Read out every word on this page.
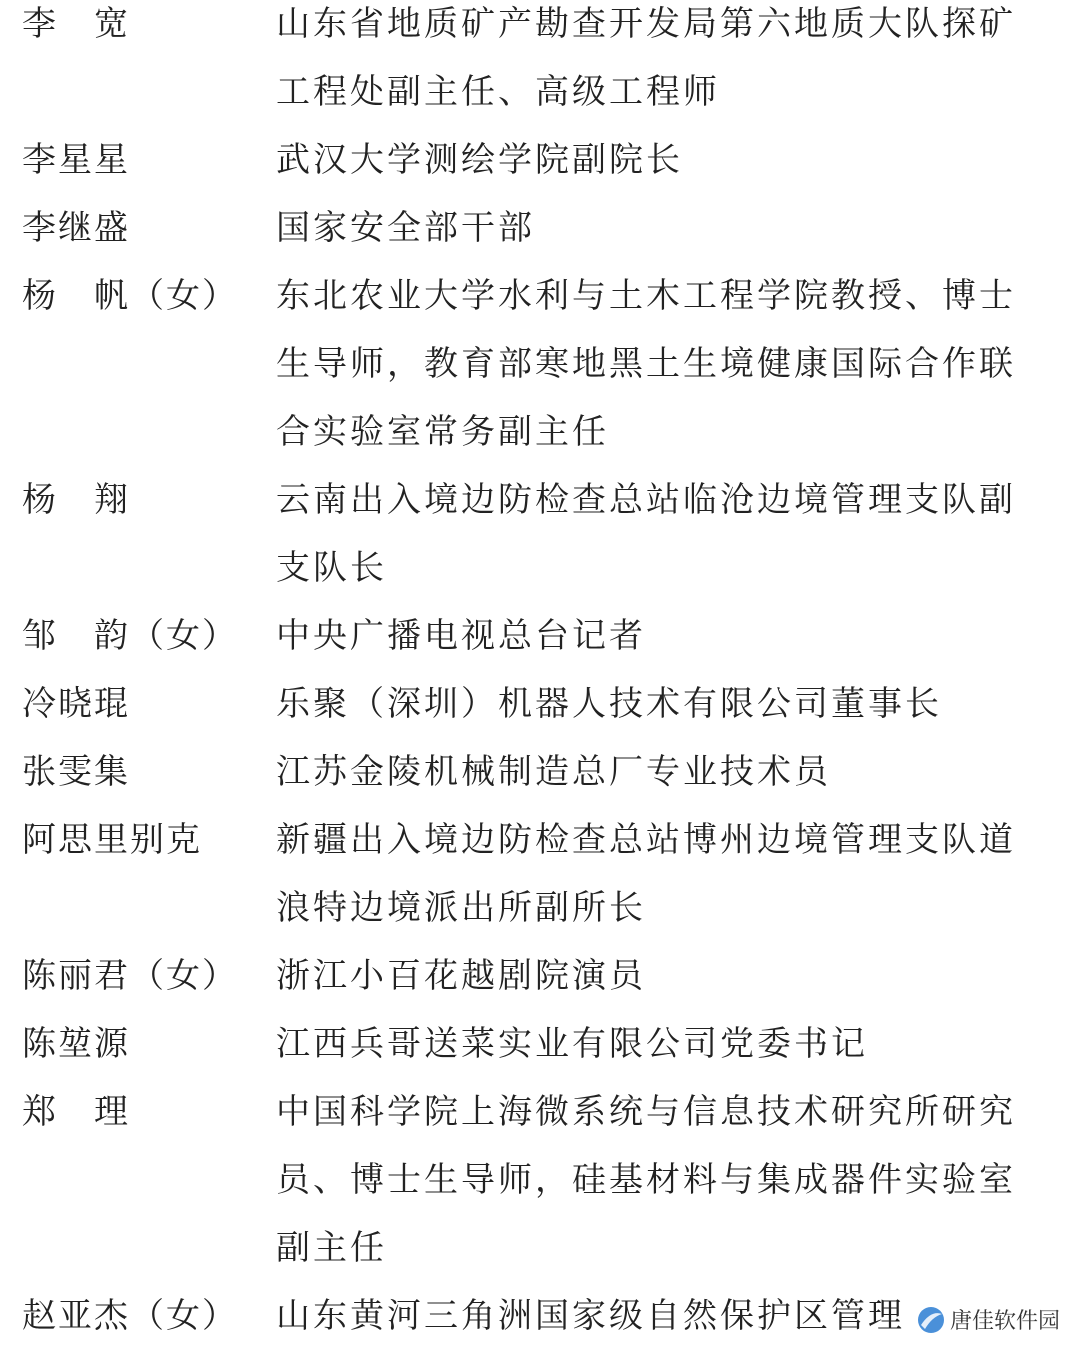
李　宽	山东省地质矿产勘查开发局第六地质大队探矿
工程处副主任、高级工程师
李星星	武汉大学测绘学院副院长
李继盛	国家安全部干部
杨　帆（女） 东北农业大学水利与土木工程学院教授、博士
生导师，教育部寒地黑土生境健康国际合作联
合实验室常务副主任
杨　翔	云南出入境边防检查总站临沧边境管理支队副
支队长
邹　韵（女） 中央广播电视总台记者
冷晓琨	乐聚（深圳）机器人技术有限公司董事长
张雯集	江苏金陵机械制造总厂专业技术员
阿思里别克 新疆出入境边防检查总站博州边境管理支队道
浪特边境派出所副所长
陈丽君（女） 浙江小百花越剧院演员
陈堃源	江西兵哥送菜实业有限公司党委书记
郑　理	中国科学院上海微系统与信息技术研究所研究
员、博士生导师，硅基材料与集成器件实验室
副主任
赵亚杰（女） 山东黄河三角洲国家级自然保护区管理 唐佳软件园
